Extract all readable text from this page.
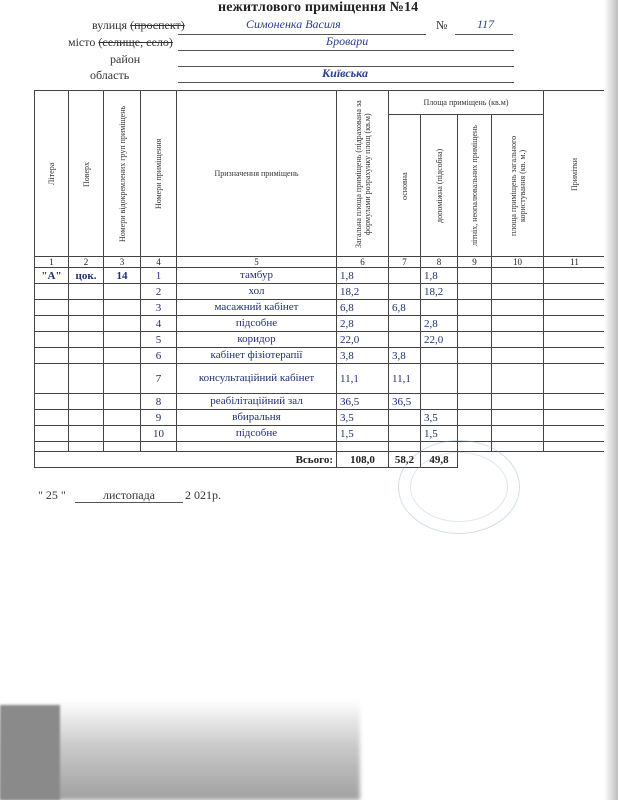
нежитлового приміщення №14
вулиця (проспект)	Симоненка Василя	№ 117
місто (селище, село)	Бровари
район
область	Київська
Літера	Поверх	Номери відокремлених груп приміщень	Номери приміщення	Призначення приміщень	Загальна площа приміщень (підрахована за формулами розрахунку площ (кв.м)	Площа приміщень (кв.м)				Примітки

						основна	допоміжна (підсобна)	літніх, неопалювальних приміщень	площа приміщень загального користування (кв. м.)	

1	2	3	4	5	6	7	8	9	10	11
"А"	цок.	14	1	тамбур	1,8		1,8			
			2	хол	18,2		18,2			
			3	масажний кабінет	6,8	6,8				
			4	підсобне	2,8		2,8			
			5	коридор	22,0		22,0			
			6	кабінет фізіотерапії	3,8	3,8				
			7	консультаційний кабінет	11,1	11,1				
			8	реабілітаційний зал	36,5	36,5				
			9	вбиральня	3,5		3,5			
			10	підсобне	1,5		1,5			

Всього:					108,0	58,2	49,8			
" 25 "	листопада 2 021р.
